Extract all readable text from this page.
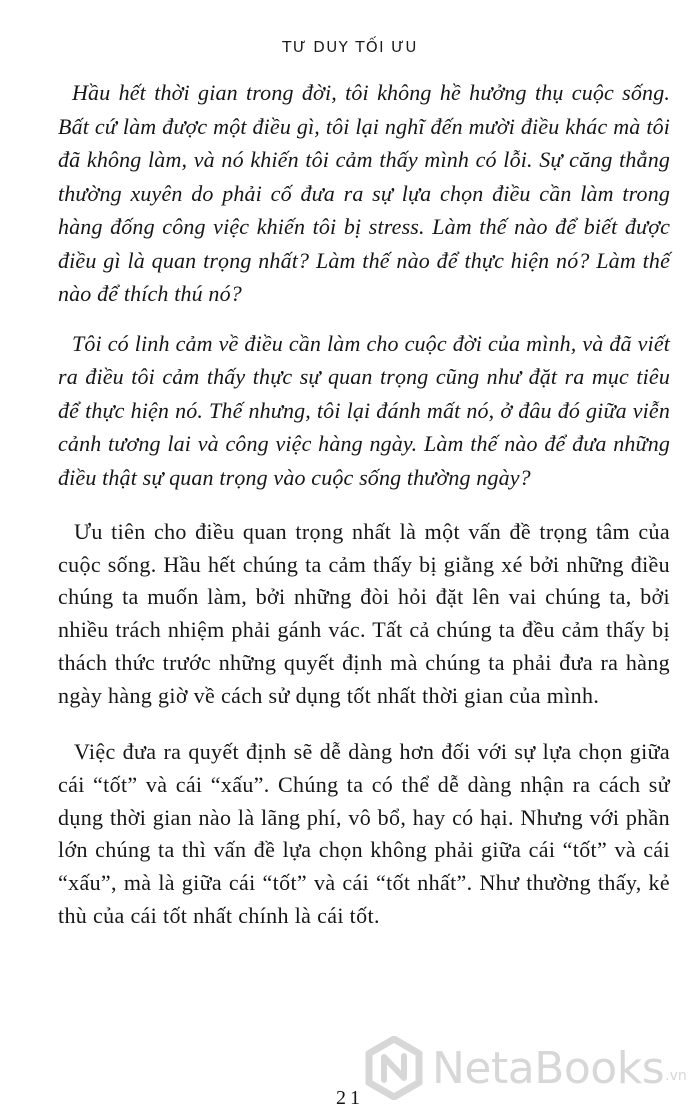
TƯ DUY TỐI ƯU

Hầu hết thời gian trong đời, tôi không hề hưởng thụ cuộc sống. Bất cứ làm được một điều gì, tôi lại nghĩ đến mười điều khác mà tôi đã không làm, và nó khiến tôi cảm thấy mình có lỗi. Sự căng thẳng thường xuyên do phải cố đưa ra sự lựa chọn điều cần làm trong hàng đống công việc khiến tôi bị stress. Làm thế nào để biết được điều gì là quan trọng nhất? Làm thế nào để thực hiện nó? Làm thế nào để thích thú nó?

Tôi có linh cảm về điều cần làm cho cuộc đời của mình, và đã viết ra điều tôi cảm thấy thực sự quan trọng cũng như đặt ra mục tiêu để thực hiện nó. Thế nhưng, tôi lại đánh mất nó, ở đâu đó giữa viễn cảnh tương lai và công việc hàng ngày. Làm thế nào để đưa những điều thật sự quan trọng vào cuộc sống thường ngày?

Ưu tiên cho điều quan trọng nhất là một vấn đề trọng tâm của cuộc sống. Hầu hết chúng ta cảm thấy bị giằng xé bởi những điều chúng ta muốn làm, bởi những đòi hỏi đặt lên vai chúng ta, bởi nhiều trách nhiệm phải gánh vác. Tất cả chúng ta đều cảm thấy bị thách thức trước những quyết định mà chúng ta phải đưa ra hàng ngày hàng giờ về cách sử dụng tốt nhất thời gian của mình.

Việc đưa ra quyết định sẽ dễ dàng hơn đối với sự lựa chọn giữa cái “tốt” và cái “xấu”. Chúng ta có thể dễ dàng nhận ra cách sử dụng thời gian nào là lãng phí, vô bổ, hay có hại. Nhưng với phần lớn chúng ta thì vấn đề lựa chọn không phải giữa cái “tốt” và cái “xấu”, mà là giữa cái “tốt” và cái “tốt nhất”. Như thường thấy, kẻ thù của cái tốt nhất chính là cái tốt.

NetaBooks .vn
21
